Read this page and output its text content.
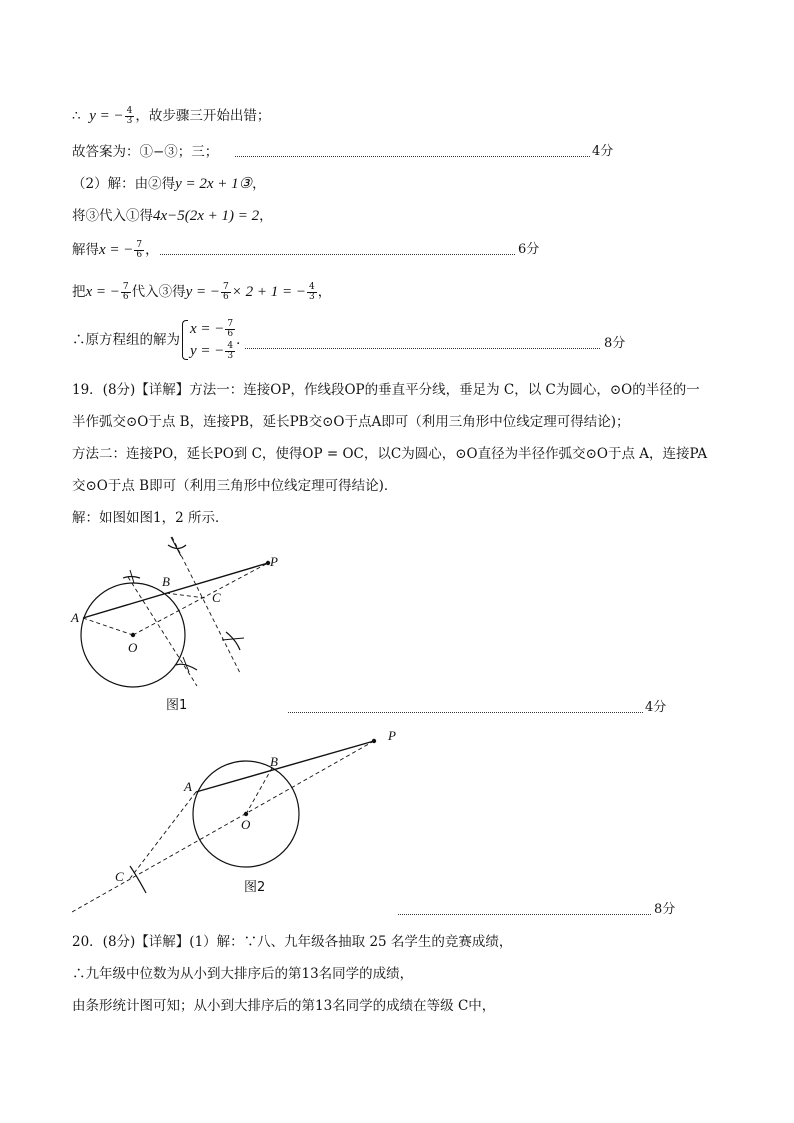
∴ y = − $\frac{4}{3}$ ，故步骤三开始出错；
故答案为：①−③；三；	4分
（2）解：由②得y = 2x + 1③，
将③代入①得4x−5(2x + 1) = 2，
解得x = − $\frac{7}{6}$ ，	6分
把x = − $\frac{7}{6}$ 代入③得y = − $\frac{7}{6} \times 2 + 1$ = − $\frac{4}{3}$ ，
∴原方程组的解为
x = − $\frac{7}{6}$
y = − $\frac{4}{3}$
．	8分
19．(8分)【详解】方法一：连接OP，作线段OP的垂直平分线，垂足为 C，以 C为圆心，⊙O的半径的一
半作弧交⊙O于点 B，连接PB，延长PB交⊙O于点A即可（利用三角形中位线定理可得结论)；
方法二：连接PO，延长PO到 C，使得OP = OC，以C为圆心，⊙O直径为半径作弧交⊙O于点 A，连接PA
交⊙O于点 B即可（利用三角形中位线定理可得结论)．
解：如图如图1，2 所示．
P
B
C
A
O
图1
P
B
A
O
C
图2
4分
8分
20．(8分)【详解】(1）解：∵八、九年级各抽取 25 名学生的竞赛成绩，
∴九年级中位数为从小到大排序后的第13名同学的成绩，
由条形统计图可知；从小到大排序后的第13名同学的成绩在等级 C中，
